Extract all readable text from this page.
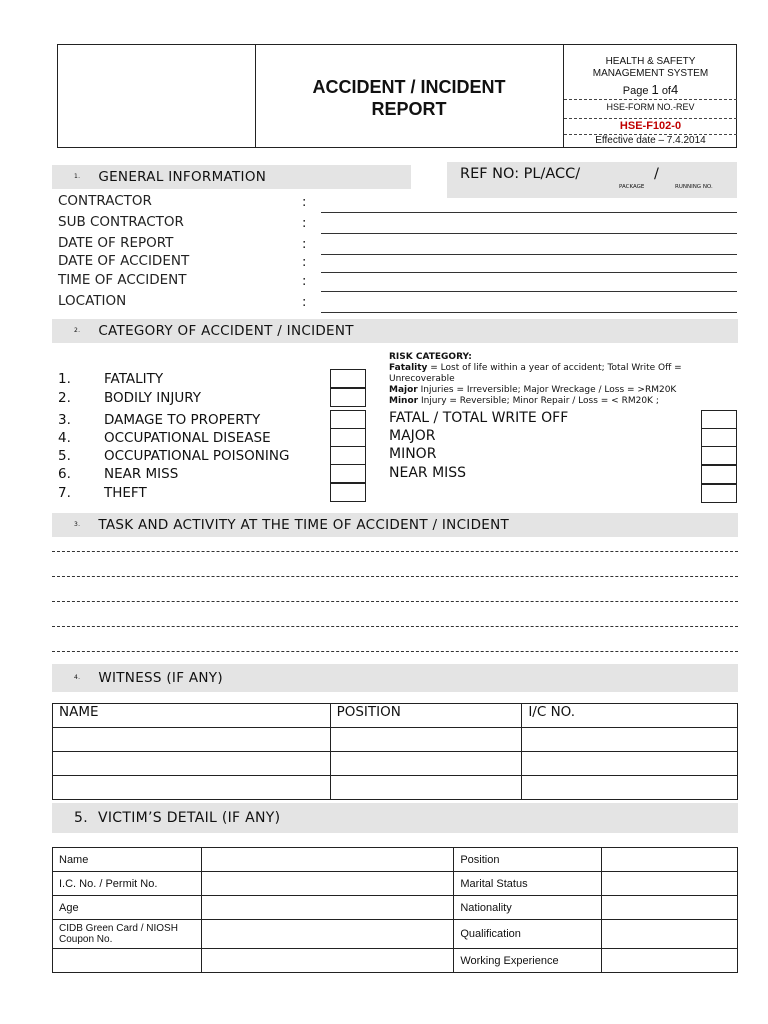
ACCIDENT / INCIDENT
REPORT
HEALTH & SAFETY
MANAGEMENT SYSTEM
Page 1 of4
HSE-FORM NO.-REV
HSE-F102-0
Effective date – 7.4.2014
1. GENERAL INFORMATION	REF NO: PL/ACC/	/
PACKAGE	RUNNING NO.
CONTRACTOR	:
SUB CONTRACTOR	:
DATE OF REPORT	:
DATE OF ACCIDENT	:
TIME OF ACCIDENT	:
LOCATION	:
2. CATEGORY OF ACCIDENT / INCIDENT
1. FATALITY
2. BODILY INJURY
3. DAMAGE TO PROPERTY
4. OCCUPATIONAL DISEASE
5. OCCUPATIONAL POISONING
6. NEAR MISS
7. THEFT
RISK CATEGORY:
Fatality = Lost of life within a year of accident; Total Write Off = Unrecoverable
Major Injuries = Irreversible; Major Wreckage / Loss = >RM20K
Minor Injury = Reversible; Minor Repair / Loss = < RM20K ;
FATAL / TOTAL WRITE OFF
MAJOR
MINOR
NEAR MISS
3. TASK AND ACTIVITY AT THE TIME OF ACCIDENT / INCIDENT
4. WITNESS (IF ANY)
NAME	POSITION	I/C NO.

5. VICTIM’S DETAIL (IF ANY)
Name		Position	
I.C. No. / Permit No.		Marital Status	
Age		Nationality	
CIDB Green Card / NIOSH Coupon No.		Qualification	
		Working Experience	
